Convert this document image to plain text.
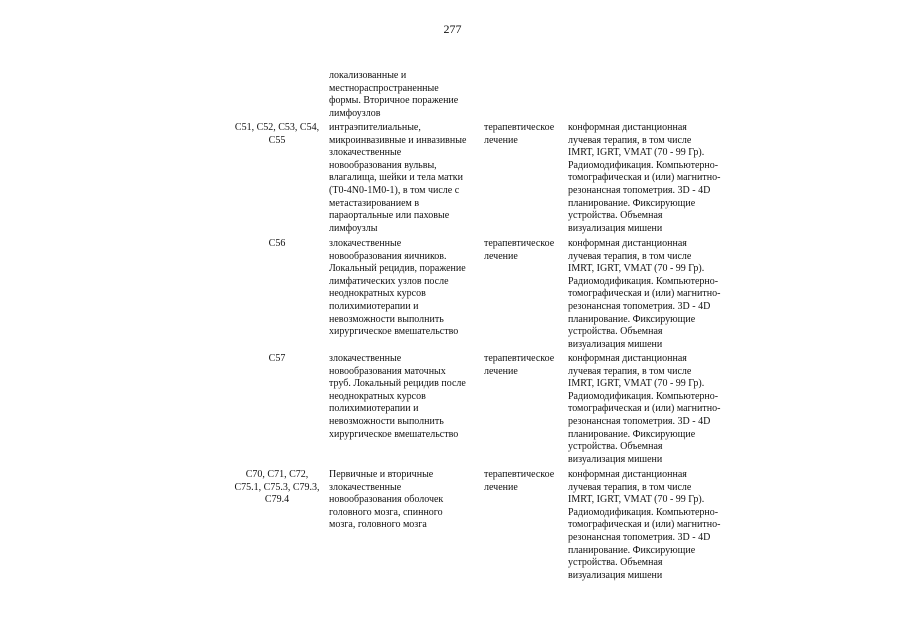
277
локализованные и
местнораспространенные
формы. Вторичное поражение
лимфоузлов
C51, C52, C53, C54,
C55
интраэпителиальные,
микроинвазивные и инвазивные
злокачественные
новообразования вульвы,
влагалища, шейки и тела матки
(T0-4N0-1M0-1), в том числе с
метастазированием в
параортальные или паховые
лимфоузлы
терапевтическое
лечение
конформная дистанционная
лучевая терапия, в том числе
IMRT, IGRT, VMAT (70 - 99 Гр).
Радиомодификация. Компьютерно-
томографическая и (или) магнитно-
резонансная топометрия. 3D - 4D
планирование. Фиксирующие
устройства. Объемная
визуализация мишени
C56	злокачественные
новообразования яичников.
Локальный рецидив, поражение
лимфатических узлов после
неоднократных курсов
полихимиотерапии и
невозможности выполнить
хирургическое вмешательство
терапевтическое
лечение
конформная дистанционная
лучевая терапия, в том числе
IMRT, IGRT, VMAT (70 - 99 Гр).
Радиомодификация. Компьютерно-
томографическая и (или) магнитно-
резонансная топометрия. 3D - 4D
планирование. Фиксирующие
устройства. Объемная
визуализация мишени
C57	злокачественные
новообразования маточных
труб. Локальный рецидив после
неоднократных курсов
полихимиотерапии и
невозможности выполнить
хирургическое вмешательство
терапевтическое
лечение
конформная дистанционная
лучевая терапия, в том числе
IMRT, IGRT, VMAT (70 - 99 Гр).
Радиомодификация. Компьютерно-
томографическая и (или) магнитно-
резонансная топометрия. 3D - 4D
планирование. Фиксирующие
устройства. Объемная
визуализация мишени
C70, C71, C72,
C75.1, C75.3, C79.3,
C79.4
Первичные и вторичные
злокачественные
новообразования оболочек
головного мозга, спинного
мозга, головного мозга
терапевтическое
лечение
конформная дистанционная
лучевая терапия, в том числе
IMRT, IGRT, VMAT (70 - 99 Гр).
Радиомодификация. Компьютерно-
томографическая и (или) магнитно-
резонансная топометрия. 3D - 4D
планирование. Фиксирующие
устройства. Объемная
визуализация мишени
